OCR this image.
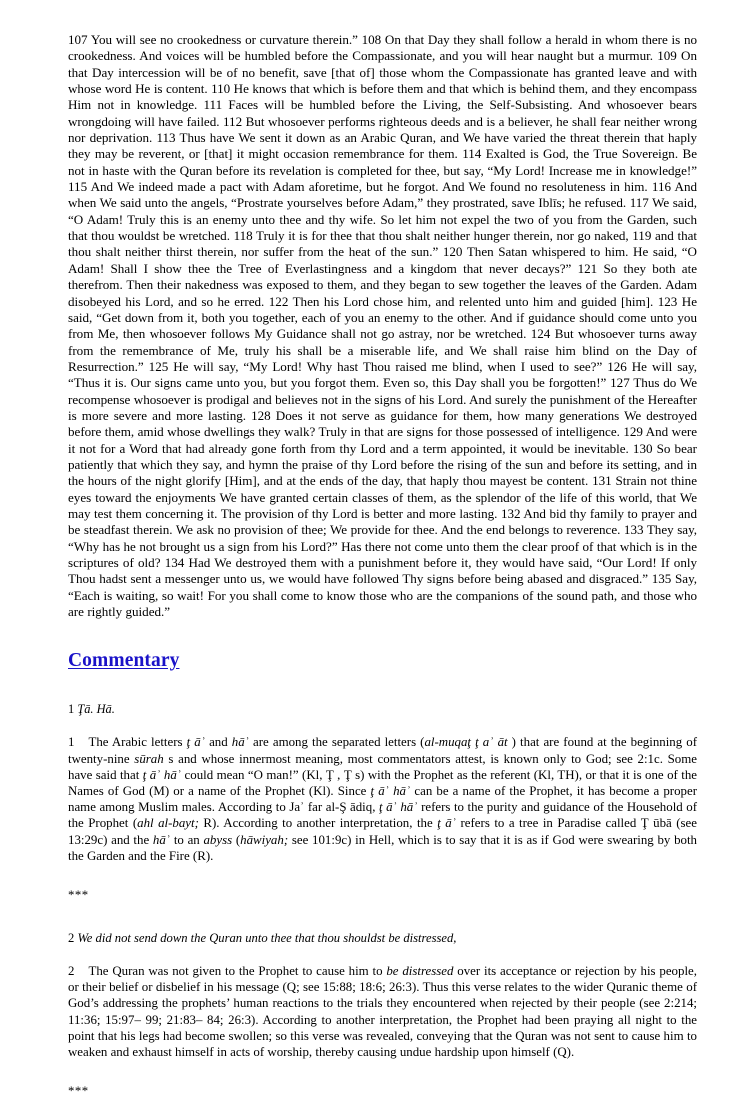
107 You will see no crookedness or curvature therein.” 108 On that Day they shall follow a herald in whom there is no crookedness. And voices will be humbled before the Compassionate, and you will hear naught but a murmur. 109 On that Day intercession will be of no benefit, save [that of] those whom the Compassionate has granted leave and with whose word He is content. 110 He knows that which is before them and that which is behind them, and they encompass Him not in knowledge. 111 Faces will be humbled before the Living, the Self-Subsisting. And whosoever bears wrongdoing will have failed. 112 But whosoever performs righteous deeds and is a believer, he shall fear neither wrong nor deprivation. 113 Thus have We sent it down as an Arabic Quran, and We have varied the threat therein that haply they may be reverent, or [that] it might occasion remembrance for them. 114 Exalted is God, the True Sovereign. Be not in haste with the Quran before its revelation is completed for thee, but say, “My Lord! Increase me in knowledge!” 115 And We indeed made a pact with Adam aforetime, but he forgot. And We found no resoluteness in him. 116 And when We said unto the angels, “Prostrate yourselves before Adam,” they prostrated, save Iblīs; he refused. 117 We said, “O Adam! Truly this is an enemy unto thee and thy wife. So let him not expel the two of you from the Garden, such that thou wouldst be wretched. 118 Truly it is for thee that thou shalt neither hunger therein, nor go naked, 119 and that thou shalt neither thirst therein, nor suffer from the heat of the sun.” 120 Then Satan whispered to him. He said, “O Adam! Shall I show thee the Tree of Everlastingness and a kingdom that never decays?” 121 So they both ate therefrom. Then their nakedness was exposed to them, and they began to sew together the leaves of the Garden. Adam disobeyed his Lord, and so he erred. 122 Then his Lord chose him, and relented unto him and guided [him]. 123 He said, “Get down from it, both you together, each of you an enemy to the other. And if guidance should come unto you from Me, then whosoever follows My Guidance shall not go astray, nor be wretched. 124 But whosoever turns away from the remembrance of Me, truly his shall be a miserable life, and We shall raise him blind on the Day of Resurrection.” 125 He will say, “My Lord! Why hast Thou raised me blind, when I used to see?” 126 He will say, “Thus it is. Our signs came unto you, but you forgot them. Even so, this Day shall you be forgotten!” 127 Thus do We recompense whosoever is prodigal and believes not in the signs of his Lord. And surely the punishment of the Hereafter is more severe and more lasting. 128 Does it not serve as guidance for them, how many generations We destroyed before them, amid whose dwellings they walk? Truly in that are signs for those possessed of intelligence. 129 And were it not for a Word that had already gone forth from thy Lord and a term appointed, it would be inevitable. 130 So bear patiently that which they say, and hymn the praise of thy Lord before the rising of the sun and before its setting, and in the hours of the night glorify [Him], and at the ends of the day, that haply thou mayest be content. 131 Strain not thine eyes toward the enjoyments We have granted certain classes of them, as the splendor of the life of this world, that We may test them concerning it. The provision of thy Lord is better and more lasting. 132 And bid thy family to prayer and be steadfast therein. We ask no provision of thee; We provide for thee. And the end belongs to reverence. 133 They say, “Why has he not brought us a sign from his Lord?” Has there not come unto them the clear proof of that which is in the scriptures of old? 134 Had We destroyed them with a punishment before it, they would have said, “Our Lord! If only Thou hadst sent a messenger unto us, we would have followed Thy signs before being abased and disgraced.” 135 Say, “Each is waiting, so wait! For you shall come to know those who are the companions of the sound path, and those who are rightly guided.”

Commentary

1 Ţā. Hā.

1 The Arabic letters ţ āʾ and hāʾ are among the separated letters (al-muqaţ ţ aʾ āt ) that are found at the beginning of twenty-nine sūrah s and whose innermost meaning, most commentators attest, is known only to God; see 2:1c. Some have said that ţ āʾ hāʾ could mean “O man!” (Kl, Ţ , Ţ s) with the Prophet as the referent (Kl, TH), or that it is one of the Names of God (M) or a name of the Prophet (Kl). Since ţ āʾ hāʾ can be a name of the Prophet, it has become a proper name among Muslim males. According to Jaʾ far al-Ş ādiq, ţ āʾ hāʾ refers to the purity and guidance of the Household of the Prophet (ahl al-bayt; R). According to another interpretation, the ţ āʾ refers to a tree in Paradise called Ţ ūbā (see 13:29c) and the hāʾ to an abyss (hāwiyah; see 101:9c) in Hell, which is to say that it is as if God were swearing by both the Garden and the Fire (R).

***

2 We did not send down the Quran unto thee that thou shouldst be distressed,

2 The Quran was not given to the Prophet to cause him to be distressed over its acceptance or rejection by his people, or their belief or disbelief in his message (Q; see 15:88; 18:6; 26:3). Thus this verse relates to the wider Quranic theme of God’s addressing the prophets’ human reactions to the trials they encountered when rejected by their people (see 2:214; 11:36; 15:97– 99; 21:83– 84; 26:3). According to another interpretation, the Prophet had been praying all night to the point that his legs had become swollen; so this verse was revealed, conveying that the Quran was not sent to cause him to weaken and exhaust himself in acts of worship, thereby causing undue hardship upon himself (Q).

***
